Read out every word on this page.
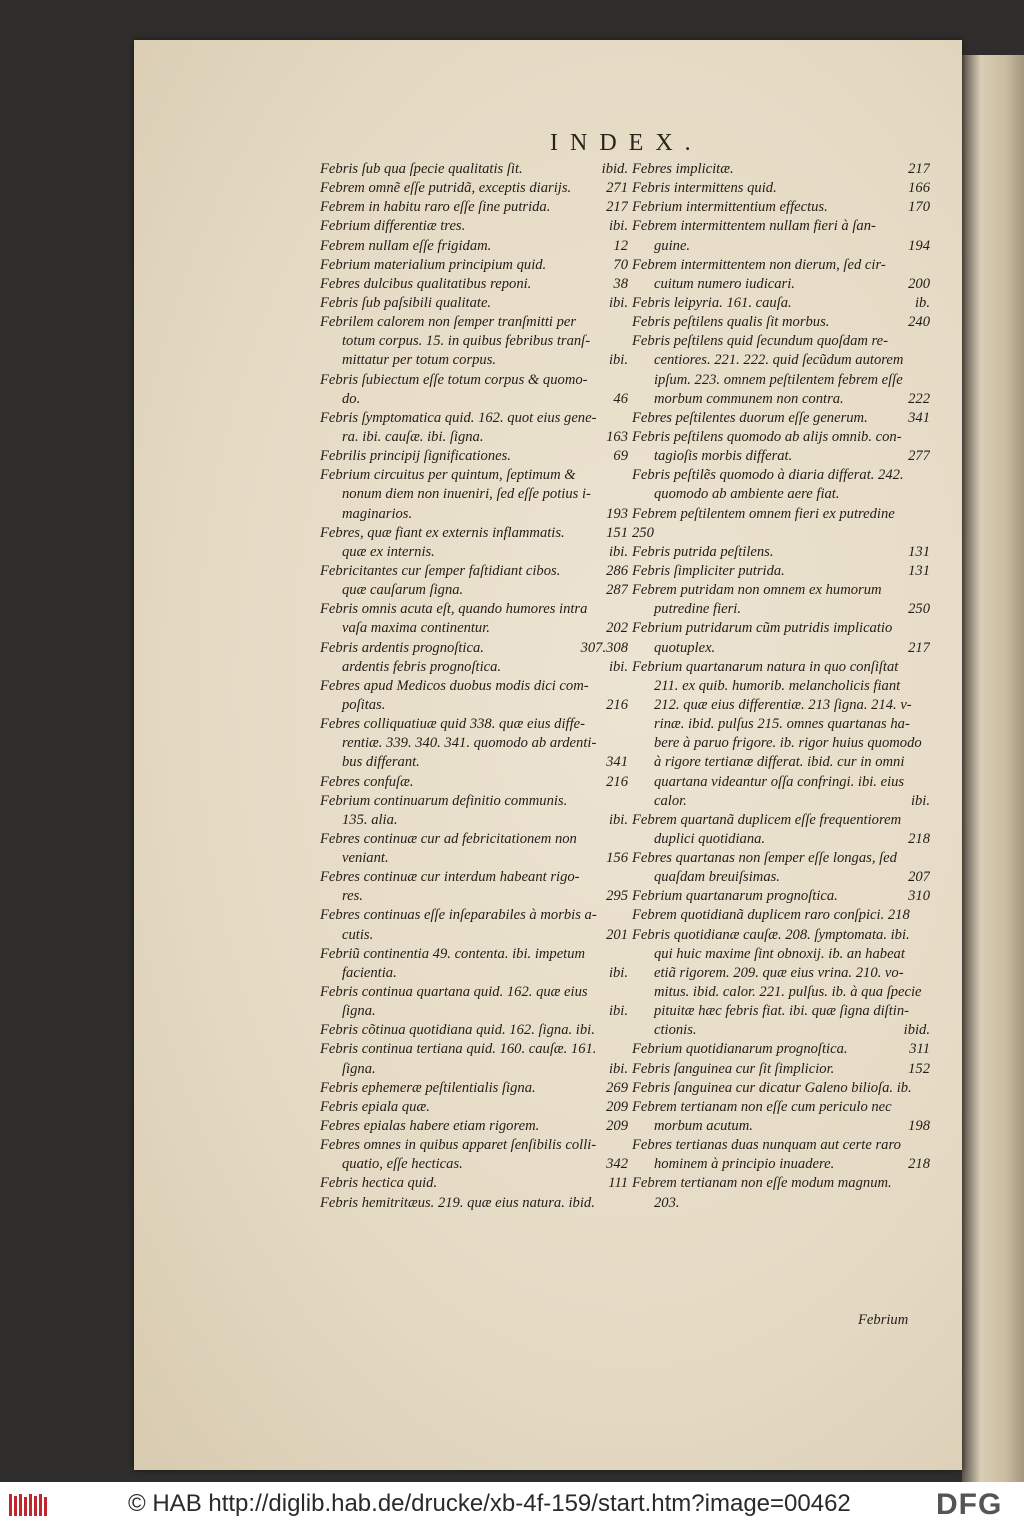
INDEX.
ibid.
Febris ſub qua ſpecie qualitatis ſit.
271
Febrem omnẽ eſſe putridã, exceptis diarijs.
217
Febrem in habitu raro eſſe ſine putrida.
ibi.
Febrium differentiæ tres.
12
Febrem nullam eſſe frigidam.
70
Febrium materialium principium quid.
38
Febres dulcibus qualitatibus reponi.
ibi.
Febris ſub paſsibili qualitate.
Febrilem calorem non ſemper tranſmitti per
totum corpus. 15. in quibus febribus tranſ-
ibi.
mittatur per totum corpus.
Febris ſubiectum eſſe totum corpus & quomo-
46
do.
Febris ſymptomatica quid. 162. quot eius gene-
163
ra. ibi. cauſæ. ibi. ſigna.
69
Febrilis principij ſignificationes.
Febrium circuitus per quintum, ſeptimum &
nonum diem non inueniri, ſed eſſe potius i-
193
maginarios.
151
Febres, quæ fiant ex externis inflammatis.
ibi.
quæ ex internis.
286
Febricitantes cur ſemper faſtidiant cibos.
287
quæ cauſarum ſigna.
Febris omnis acuta eſt, quando humores intra
202
vaſa maxima continentur.
307.308
Febris ardentis prognoſtica.
ibi.
ardentis febris prognoſtica.
Febres apud Medicos duobus modis dici com-
216
poſitas.
Febres colliquatiuæ quid 338. quæ eius diffe-
rentiæ. 339. 340. 341. quomodo ab ardenti-
341
bus differant.
216
Febres confuſæ.
Febrium continuarum definitio communis.
ibi.
135. alia.
Febres continuæ cur ad febricitationem non
156
veniant.
Febres continuæ cur interdum habeant rigo-
295
res.
Febres continuas eſſe inſeparabiles à morbis a-
201
cutis.
Febriũ continentia 49. contenta. ibi. impetum
ibi.
facientia.
Febris continua quartana quid. 162. quæ eius
ibi.
ſigna.
Febris cõtinua quotidiana quid. 162. ſigna. ibi.
Febris continua tertiana quid. 160. cauſæ. 161.
ibi.
ſigna.
269
Febris ephemeræ peſtilentialis ſigna.
209
Febris epiala quæ.
209
Febres epialas habere etiam rigorem.
Febres omnes in quibus apparet ſenſibilis colli-
342
quatio, eſſe hecticas.
111
Febris hectica quid.
Febris hemitritæus. 219. quæ eius natura. ibid.
217
Febres implicitæ.
166
Febris intermittens quid.
170
Febrium intermittentium effectus.
Febrem intermittentem nullam fieri à ſan-
194
guine.
Febrem intermittentem non dierum, ſed cir-
200
cuitum numero iudicari.
ib.
Febris leipyria. 161. cauſa.
240
Febris peſtilens qualis ſit morbus.
Febris peſtilens quid ſecundum quoſdam re-
centiores. 221. 222. quid ſecũdum autorem
ipſum. 223. omnem peſtilentem febrem eſſe
222
morbum communem non contra.
341
Febres peſtilentes duorum eſſe generum.
Febris peſtilens quomodo ab alijs omnib. con-
277
tagioſis morbis differat.
Febris peſtilẽs quomodo à diaria differat. 242.
quomodo ab ambiente aere fiat.
Febrem peſtilentem omnem fieri ex putredine
250
131
Febris putrida peſtilens.
131
Febris ſimpliciter putrida.
Febrem putridam non omnem ex humorum
250
putredine fieri.
Febrium putridarum cũm putridis implicatio
217
quotuplex.
Febrium quartanarum natura in quo conſiſtat
211. ex quib. humorib. melancholicis fiant
212. quæ eius differentiæ. 213 ſigna. 214. v-
rinæ. ibid. pulſus 215. omnes quartanas ha-
bere à paruo frigore. ib. rigor huius quomodo
à rigore tertianæ differat. ibid. cur in omni
quartana videantur oſſa confringi. ibi. eius
ibi.
calor.
Febrem quartanã duplicem eſſe frequentiorem
218
duplici quotidiana.
Febres quartanas non ſemper eſſe longas, ſed
207
quaſdam breuiſsimas.
310
Febrium quartanarum prognoſtica.
Febrem quotidianã duplicem raro conſpici. 218
Febris quotidianæ cauſæ. 208. ſymptomata. ibi.
qui huic maxime ſint obnoxij. ib. an habeat
etiã rigorem. 209. quæ eius vrina. 210. vo-
mitus. ibid. calor. 221. pulſus. ib. à qua ſpecie
pituitæ hæc febris fiat. ibi. quæ ſigna diſtin-
ibid.
ctionis.
311
Febrium quotidianarum prognoſtica.
152
Febris ſanguinea cur ſit ſimplicior.
Febris ſanguinea cur dicatur Galeno bilioſa. ib.
Febrem tertianam non eſſe cum periculo nec
198
morbum acutum.
Febres tertianas duas nunquam aut certe raro
218
hominem à principio inuadere.
Febrem tertianam non eſſe modum magnum.
203.
Febrium
© HAB http://diglib.hab.de/drucke/xb-4f-159/start.htm?image=00462	DFG
